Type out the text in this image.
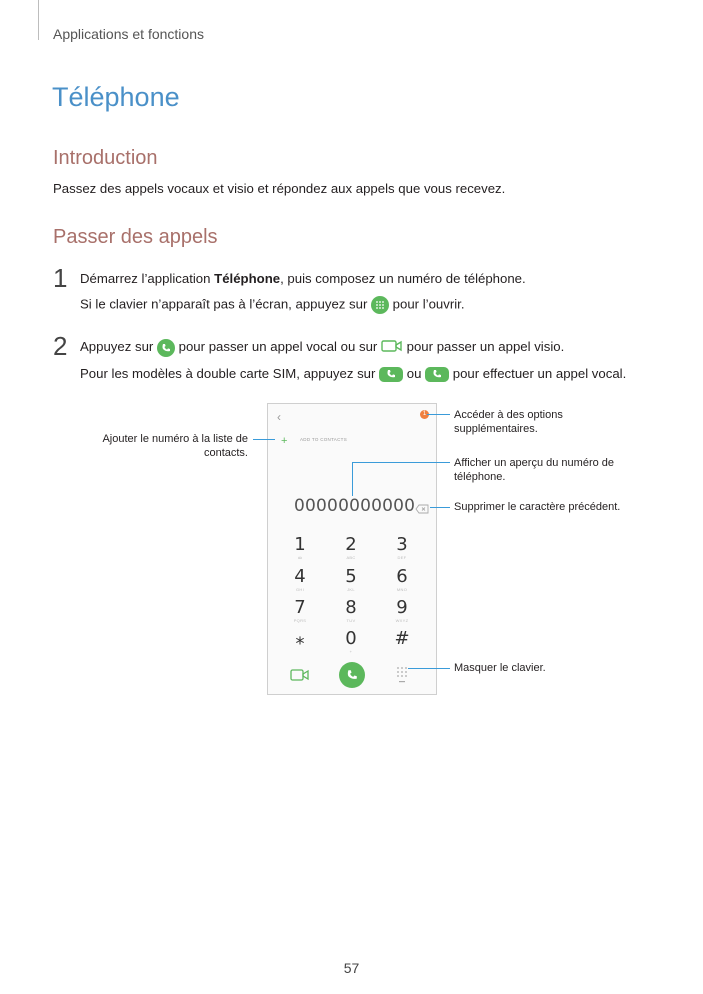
Applications et fonctions
Téléphone
Introduction
Passez des appels vocaux et visio et répondez aux appels que vous recevez.
Passer des appels
1 Démarrez l’application Téléphone, puis composez un numéro de téléphone.
Si le clavier n’apparaît pas à l’écran, appuyez sur
pour l’ouvrir.
2 Appuyez sur
pour passer un appel vocal ou sur  pour passer un appel visio.
Pour les modèles à double carte SIM, appuyez sur
ou
pour effectuer un appel vocal.
‹	1
+	ADD TO CONTACTS
00000000000
1
ꝏ
2
ABC
3
DEF
4
GHI
5
JKL
6
MNO
7
PQRS
8
TUV
9
WXYZ
⁎	0
+
#
Accéder à des options supplémentaires.
Ajouter le numéro à la liste de contacts.
Afficher un aperçu du numéro de téléphone.
Supprimer le caractère précédent.
Masquer le clavier.
57
